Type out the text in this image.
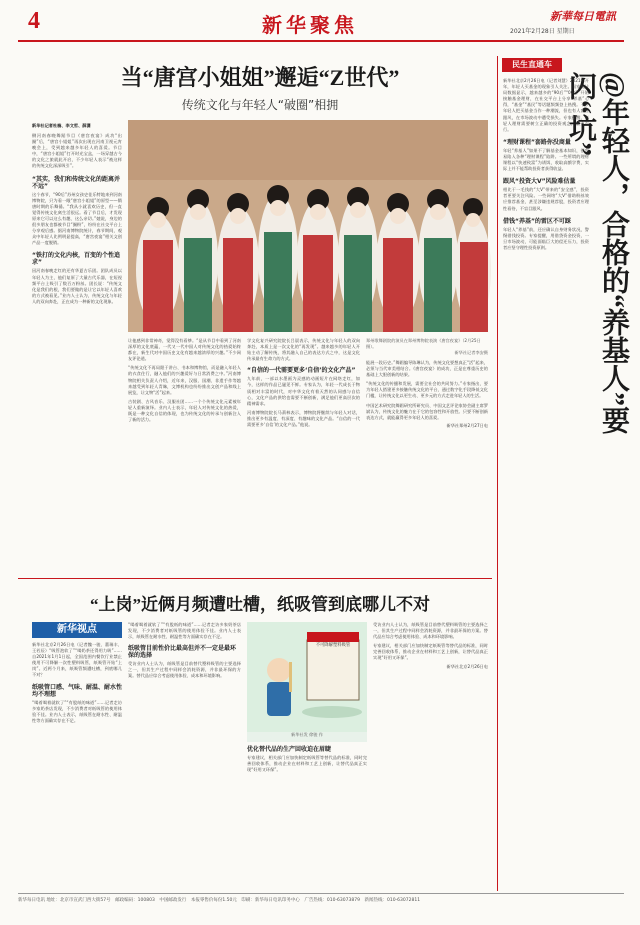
4	新华聚焦	新華每日電訊
2021年2月28日 星期日
当“唐宫小姐姐”邂逅“Z世代”
传统文化与年轻人“破圈”相拥
新华社记者杜楠、李文哲、薛潇

侧河南春晚舞蹈节目《唐宫夜宴》成功“出圈”后，“唐宫小姐姐”再次出现在河南卫视元宵晚会上，受到越来越多年轻人的喜爱。节目中，“唐宫小姐姐”打开时光宝盒，一场穿越古今的文化之旅就此开启，不少年轻人表示“被这样的传统文化深深吸引”。

“其实，我们和传统文化的距离并不远”

这个春节，“90后”苏州女孩史佳乐特地来到河南博物院，只为看一眼“唐宫小姐姐”的原型——隋唐时期的乐舞俑。“我从小就喜欢历史，但一直觉得传统文化离生活很远。看了节目后，才发现原来它可以这么有趣、这么亲切。”她说，身边的很多朋友也都被节目“圈粉”，纷纷在社交平台上分享观后感。据河南博物院统计，春节期间，观众中年轻人比例明显提高，“唐宫夜宴”相关文创产品一度脱销。

“铁打的文化内核，百变的个性追求”

因河南春晚走红的还有华夏古乐团。团队成员以年轻人为主，他们复原了大量古代乐器，在短视频平台上吸引了数百万粉丝。团长说：“传统文化是我们的根，我们要做的是让它以年轻人喜欢的方式被看见。”业内人士认为，传统文化与年轻人的双向奔赴，正在成为一种新的文化现象。

让他感到非常神奇，觉得没有看够。“是从节目中看到了河南深厚的文化底蕴，一代又一代中国人对传统文化的热爱始终都在，新生代对中国历史文化有越来越浓厚的兴趣。”不少网友评论道。

“传统文化不再局限于讲台、书本和博物馆，而是融入年轻人的衣食住行，融入他们的兴趣爱好与日常消费之中。”河南博物院相关负责人介绍，近年来，汉服、国潮、非遗手作等越来越受到年轻人青睐，文博机构也纷纷推出文创产品和线上展览，让文物“活”起来。

古装剧、古风音乐、汉服社团……一个个传统文化元素被年轻人重新演绎。业内人士表示，年轻人对传统文化的热爱，既是一种文化自信的体现，也为传统文化的传承与创新注入了新的活力。

学文化复兴研究院院长吕晨表示，传统文化与年轻人的双向奔赴，本质上是一次文化的“再发现”。越来越多的年轻人开始主动了解传统，将其融入自己的表达方式之中，这是文化传承最有生命力的方式。

“自信的一代需要更多‘自信’的文化产品”

九年前，一部以水墨画为灵感的动画短片在网络走红，如今，这样的作品已屡见不鲜。专家认为，年轻一代成长于物质相对丰富的时代，对中华文化有着天然的认同感与自信心，文化产品的供给也需要不断创新，满足他们更高层次的精神需求。

河南博物院院长马萧林表示，博物院将继续与年轻人对话，推出更多有温度、有深度、有趣味的文化产品。“自信的一代需要更多‘自信’的文化产品。”他说。

郑州歌舞剧院的演员在郑州博物院表演《唐宫夜宴》（2月25日摄）。

新华社记者李安摄

能展一段历史。”舞蹈编导陈琳认为，传统文化要想真正“活”起来，必须与当代审美相结合。《唐宫夜宴》的成功，正是在尊重历史的基础上大胆创新的结果。

“传统文化的传播和发展，需要全社会的共同努力。”专家指出，要为年轻人搭建更多接触传统文化的平台，通过数字化手段降低文化门槛，让传统文化以更生动、更多元的方式走进年轻人的生活。

中国艺术研究院舞蹈研究所研究员、中国文艺评论家协会副主席罗斌认为，传统文化的魅力在于它的包容性和开放性。只要不断创新表达方式，就能赢得更多年轻人的喜爱。

新华社郑州2月27日电

民生直通车
@年轻人，合格的“养基人”要闪“坑”

新华社北京2月26日电（记者刘慧）2021年开年，年轻人买基金的现象引人关注。国家统计局数据显示，越来越多的“90后”“00后”开始接触基金理财，在社交平台上分享“养基”心得，“基金”“基民”等话题频频登上热搜。不少年轻人把买基金当作一种潮流，但也有人盲目跟风，在市场波动中遭受损失。专家提醒，年轻人理财需要树立正确的投资观念，量力而行。

“理财课程”套路你没商量

年轻“养基人”如果不了解基金基本知识，很容易陷入各种“理财课程”陷阱。一些所谓的理财课程以“快速致富”为诱饵，收取高额学费，实际上并不能帮助投资者获得收益。

跟风“投资大V”风险难估量

相比于一毛钱的“大V”带来的“安全感”，投资者更要关注风险。一些网络“大V”借助粉丝效应推荐基金，甚至涉嫌违规荐股，投资者应理性看待，不盲目跟风。

借钱“养基”的雷区不可踩

年轻人“养基”前，还应确认自身财务状况，警惕借钱投资。专家提醒，用借贷资金投资，一旦市场波动，可能面临巨大的偿还压力，投资者应坚守理性投资原则。

“上岗”近俩月频遭吐槽，纸吸管到底哪儿不对
新华视点

新华社北京2月26日电（记者魏一骏、董瑞丰、王若辰）“吸管泡软了”“喝奶茶还得用力吸”……自2021年1月1日起，全国范围内餐饮行业禁止使用不可降解一次性塑料吸管，纸吸管开始“上岗”。近两个月来，纸吸管频遭吐槽，到底哪儿不对？

纸吸管口感、气味、耐温、耐水性均不理想

“喝着喝着就软了”“有股纸的味道”……记者走访多家奶茶店发现，不少消费者对纸吸管的使用体验不佳。业内人士表示，纸吸管在耐水性、耐温性等方面确实存在不足。

“喝着喝着就软了”“有股纸的味道”……记者走访多家奶茶店发现，不少消费者对纸吸管的使用体验不佳。业内人士表示，纸吸管在耐水性、耐温性等方面确实存在不足。

纸吸管目前性价比最高但并不一定是最环保的选择

受访业内人士认为，纸吸管是目前替代塑料吸管的主要选择之一，但其生产过程中同样会消耗资源，并非最环保的方案。替代品应综合考虑使用体验、成本和环境影响。

不可降解塑料吸管
新华社发 徐骏 作

优化替代品的生产回收迫在眉睫

专家建议，相关部门应加快制定纸吸管等替代品的标准，同时完善回收体系，推动企业在材料和工艺上创新，让替代品真正实现“好用又环保”。

受访业内人士认为，纸吸管是目前替代塑料吸管的主要选择之一，但其生产过程中同样会消耗资源，并非最环保的方案。替代品应综合考虑使用体验、成本和环境影响。

专家建议，相关部门应加快制定纸吸管等替代品的标准，同时完善回收体系，推动企业在材料和工艺上创新，让替代品真正实现“好用又环保”。

新华社北京2月26日电

新华每日电讯 地址：北京市宣武门西大街57号　邮政编码：100803　中国邮政发行　本报零售价每份1.50元　印刷：新华每日电讯印务中心　广告热线：010-63073879　新闻热线：010-63072811
